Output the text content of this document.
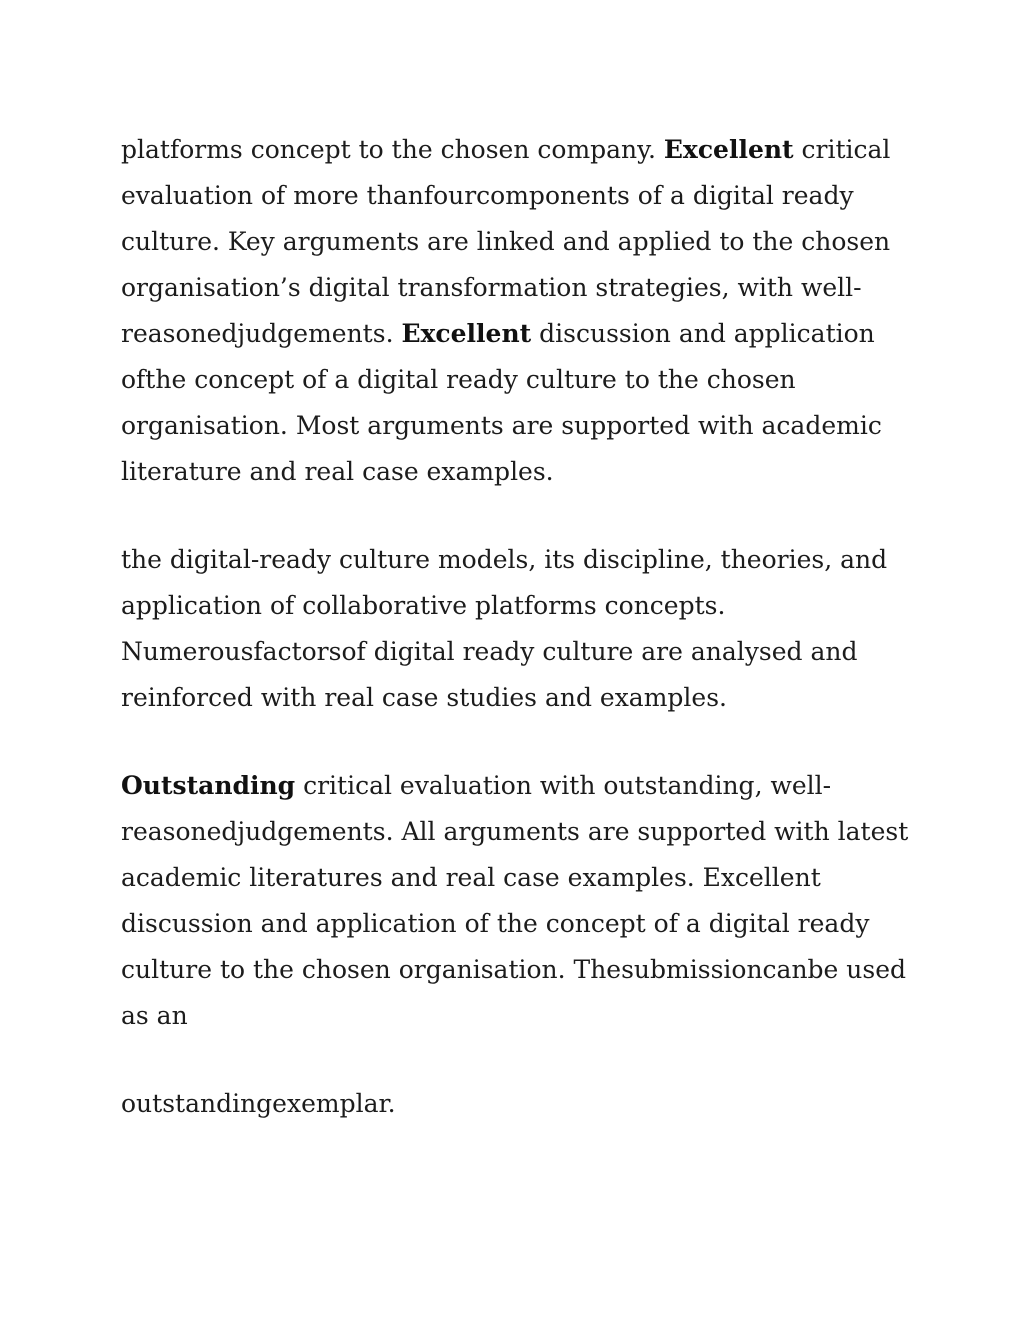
platforms concept to the chosen company. Excellent critical evaluation of more thanfourcomponents of a digital ready culture. Key arguments are linked and applied to the chosen organisation’s digital transformation strategies, with well-reasonedjudgements. Excellent discussion and application ofthe concept of a digital ready culture to the chosen organisation. Most arguments are supported with academic literature and real case examples.

the digital-ready culture models, its discipline, theories, and application of collaborative platforms concepts. Numerousfactorsof digital ready culture are analysed and reinforced with real case studies and examples.

Outstanding critical evaluation with outstanding, well-reasonedjudgements. All arguments are supported with latest academic literatures and real case examples. Excellent discussion and application of the concept of a digital ready culture to the chosen organisation. Thesubmissioncanbe used as an

outstandingexemplar.
